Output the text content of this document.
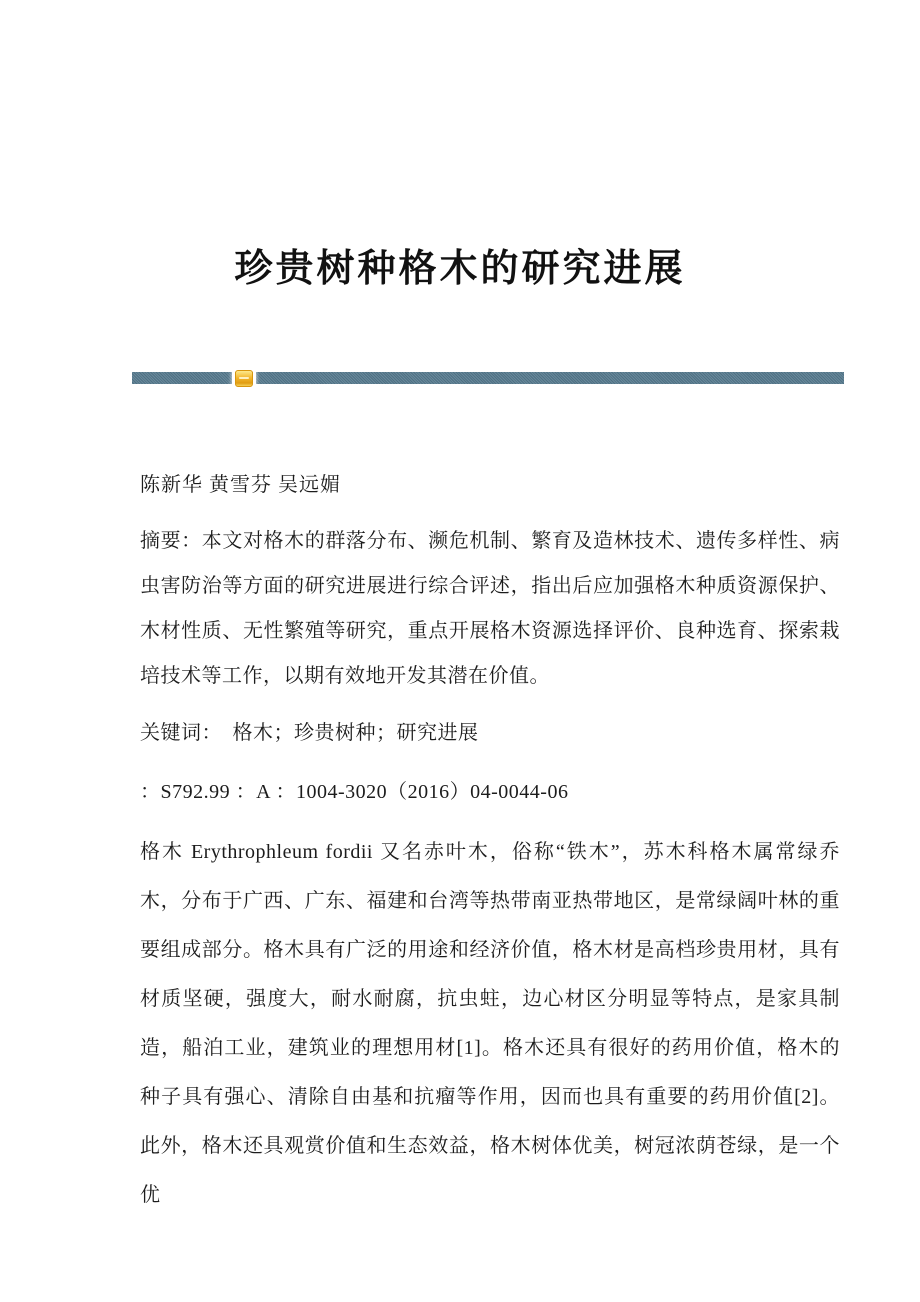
珍贵树种格木的研究进展
陈新华 黄雪芬 吴远媚
摘要：本文对格木的群落分布、濒危机制、繁育及造林技术、遗传多样性、病虫害防治等方面的研究进展进行综合评述，指出后应加强格木种质资源保护、木材性质、无性繁殖等研究，重点开展格木资源选择评价、良种选育、探索栽培技术等工作，以期有效地开发其潜在价值。
关键词：　格木；珍贵树种；研究进展
：S792.99 ：A ：1004-3020（2016）04-0044-06
格木 Erythrophleum fordii 又名赤叶木，俗称“铁木”，苏木科格木属常绿乔木，分布于广西、广东、福建和台湾等热带南亚热带地区，是常绿阔叶林的重要组成部分。格木具有广泛的用途和经济价值，格木材是高档珍贵用材，具有材质坚硬，强度大，耐水耐腐，抗虫蛀，边心材区分明显等特点，是家具制造，船泊工业，建筑业的理想用材[1]。格木还具有很好的药用价值，格木的种子具有强心、清除自由基和抗瘤等作用，因而也具有重要的药用价值[2]。此外，格木还具观赏价值和生态效益，格木树体优美，树冠浓荫苍绿，是一个优
